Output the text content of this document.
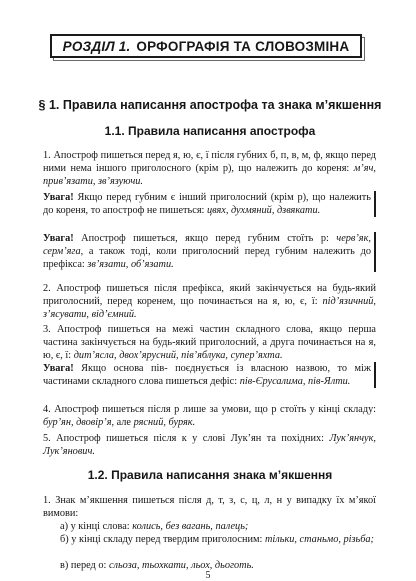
РОЗДІЛ 1. ОРФОГРАФІЯ ТА СЛОВОЗМІНА
§ 1. Правила написання апострофа та знака м’якшення
1.1. Правила написання апострофа
1. Апостроф пишеться перед я, ю, є, ї після губних б, п, в, м, ф, якщо перед ними нема іншого приголосного (крім р), що належить до кореня: м’яч, прив’язати, зв’язуючи.
Увага! Якщо перед губним є інший приголосний (крім р), що належить до кореня, то апостроф не пишеться: цвях, духмяний, дзвякати.
Увага! Апостроф пишеться, якщо перед губним стоїть р: черв’як, серм’яга, а також тоді, коли приголосний перед губним належить до префікса: зв’язати, об’язати.
2. Апостроф пишеться після префікса, який закінчується на будь-який приголосний, перед коренем, що починається на я, ю, є, ї: під’язичний, з’ясувати, від’ємний.
3. Апостроф пишеться на межі частин складного слова, якщо перша частина закінчується на будь-який приголосний, а друга починається на я, ю, є, ї: дит’ясла, двох’ярусний, пів’яблука, супер’яхта.
Увага! Якщо основа пів- поєднується із власною назвою, то між частинами складного слова пишеться дефіс: пів-Єрусалима, пів-Ялти.
4. Апостроф пишеться після р лише за умови, що р стоїть у кінці складу: бур’ян, двовір’я, але рясний, буряк.
5. Апостроф пишеться після к у слові Лук’ян та похідних: Лук’янчук, Лук’янович.
1.2. Правила написання знака м’якшення
1. Знак м’якшення пишеться після д, т, з, с, ц, л, н у випадку їх м’якої вимови:
а) у кінці слова: колись, без вагань, палець;
б) у кінці складу перед твердим приголосним: тільки, станьмо, різьба;
в) перед о: сльоза, тьохкати, льох, дьоготь.
5
